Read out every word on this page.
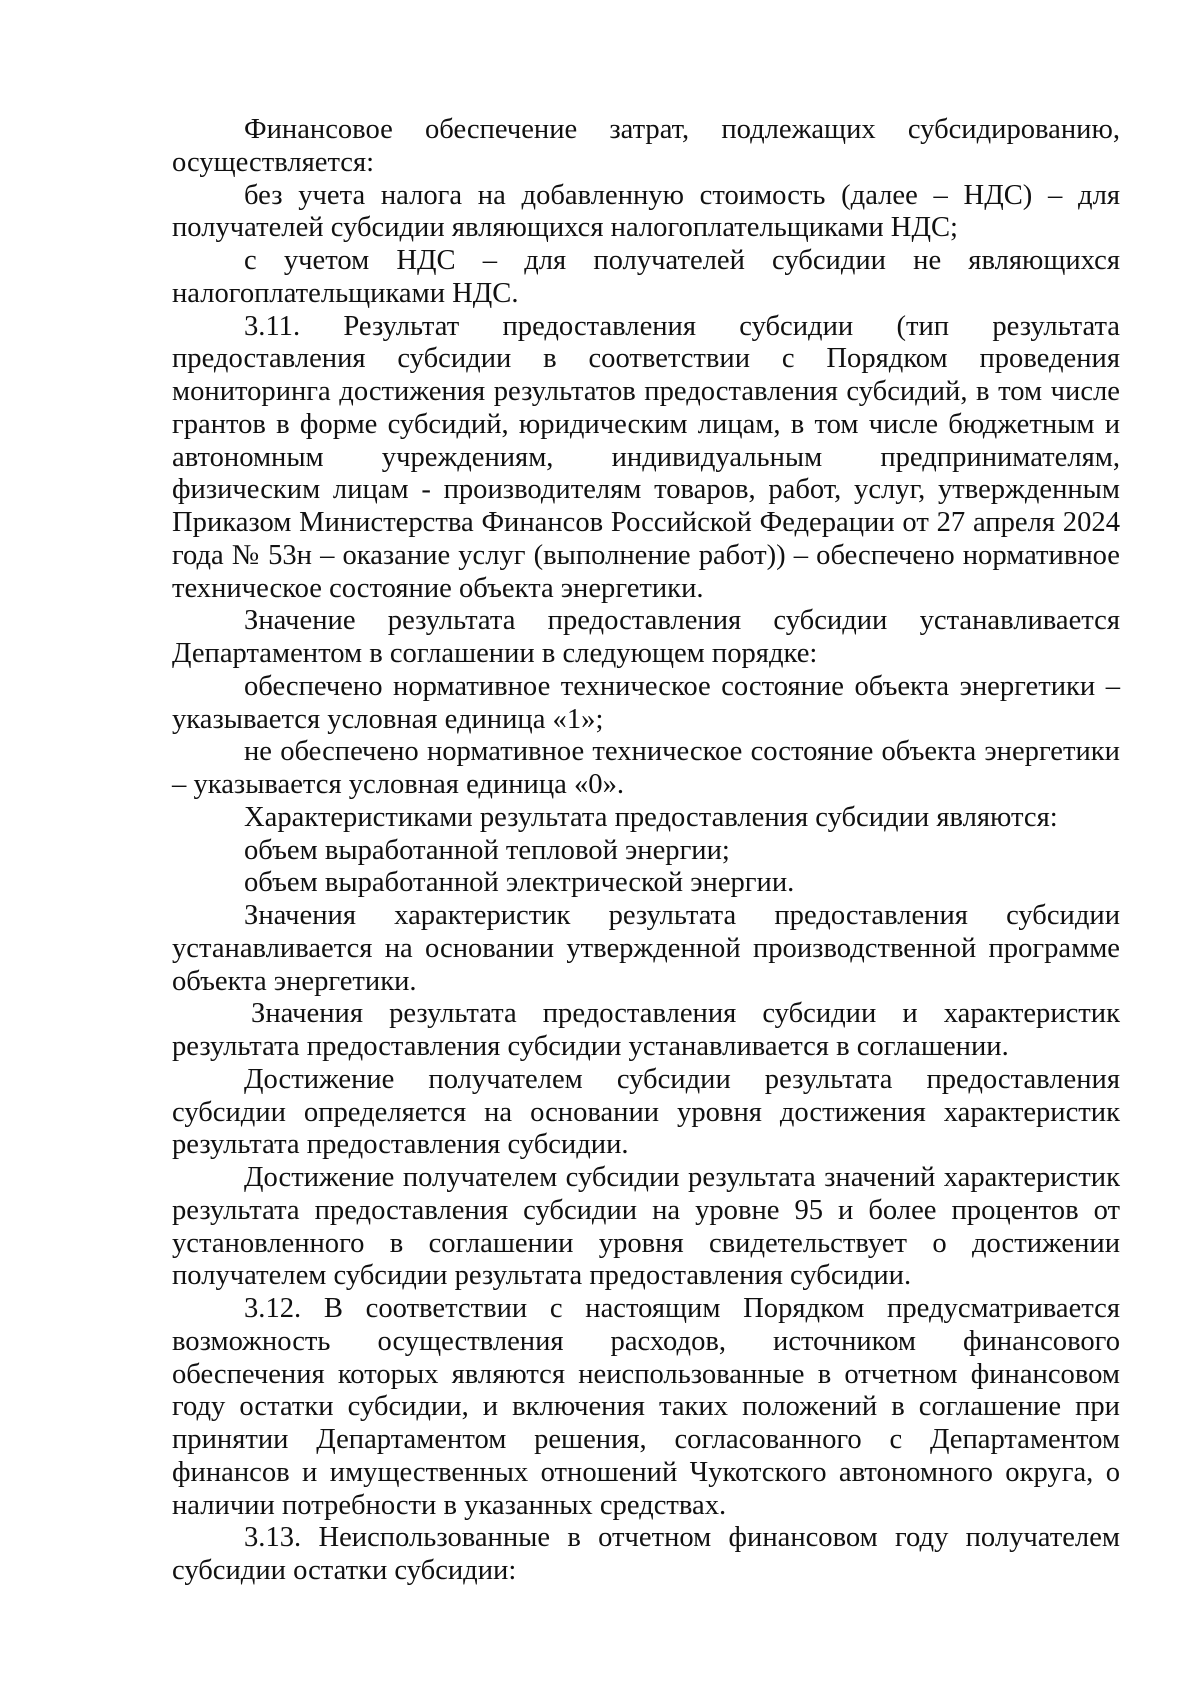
Финансовое обеспечение затрат, подлежащих субсидированию, осуществляется:

без учета налога на добавленную стоимость (далее – НДС) – для получателей субсидии являющихся налогоплательщиками НДС;

с учетом НДС – для получателей субсидии не являющихся налогоплательщиками НДС.

3.11. Результат предоставления субсидии (тип результата предоставления субсидии в соответствии с Порядком проведения мониторинга достижения результатов предоставления субсидий, в том числе грантов в форме субсидий, юридическим лицам, в том числе бюджетным и автономным учреждениям, индивидуальным предпринимателям, физическим лицам - производителям товаров, работ, услуг, утвержденным Приказом Министерства Финансов Российской Федерации от 27 апреля 2024 года № 53н – оказание услуг (выполнение работ)) – обеспечено нормативное техническое состояние объекта энергетики.

Значение результата предоставления субсидии устанавливается Департаментом в соглашении в следующем порядке:

обеспечено нормативное техническое состояние объекта энергетики – указывается условная единица «1»;

не обеспечено нормативное техническое состояние объекта энергетики – указывается условная единица «0».

Характеристиками результата предоставления субсидии являются:

объем выработанной тепловой энергии;

объем выработанной электрической энергии.

Значения характеристик результата предоставления субсидии устанавливается на основании утвержденной производственной программе объекта энергетики.

Значения результата предоставления субсидии и характеристик результата предоставления субсидии устанавливается в соглашении.

Достижение получателем субсидии результата предоставления субсидии определяется на основании уровня достижения характеристик результата предоставления субсидии.

Достижение получателем субсидии результата значений характеристик результата предоставления субсидии на уровне 95 и более процентов от установленного в соглашении уровня свидетельствует о достижении получателем субсидии результата предоставления субсидии.

3.12. В соответствии с настоящим Порядком предусматривается возможность осуществления расходов, источником финансового обеспечения которых являются неиспользованные в отчетном финансовом году остатки субсидии, и включения таких положений в соглашение при принятии Департаментом решения, согласованного с Департаментом финансов и имущественных отношений Чукотского автономного округа, о наличии потребности в указанных средствах.

3.13. Неиспользованные в отчетном финансовом году получателем субсидии остатки субсидии:
